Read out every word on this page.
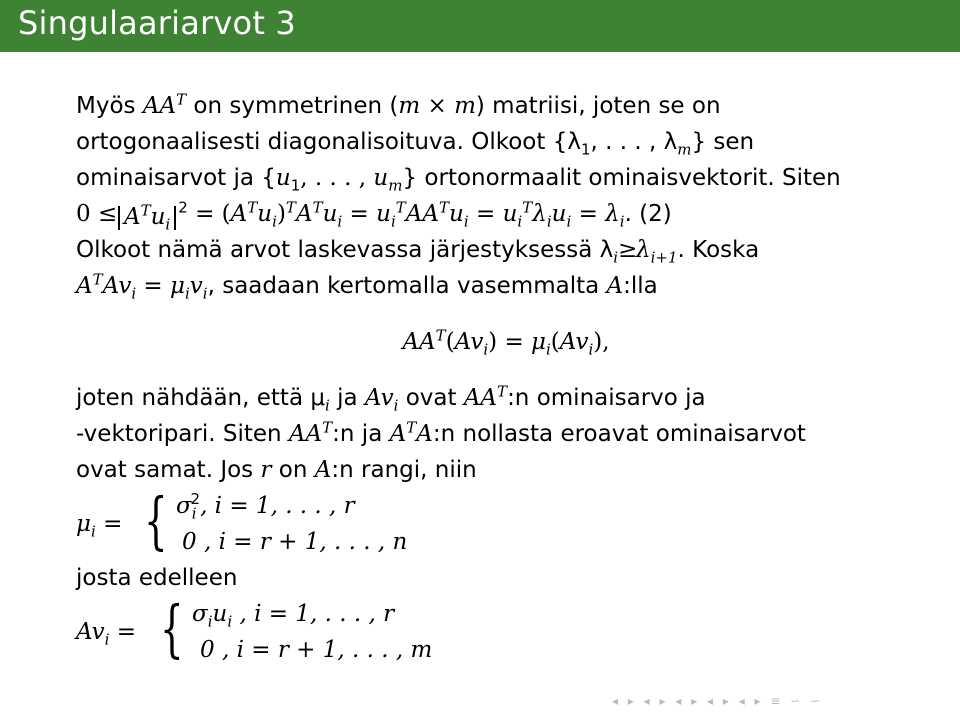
Singulaariarvot 3
Myös $AA^T$ on symmetrinen (m × m) matriisi, joten se on
ortogonaalisesti diagonalisoituva. Olkoot {$\lambda_1$, . . . , $\lambda_m$} sen
ominaisarvot ja {$u_1$, . . . , $u_m$} ortonormaalit ominaisvektorit. Siten
$0 \le A^Tu_i^2 = (A^Tu_i)^TA^Tu_i = u_i^TAA^Tu_i = u_i^T\lambda_iu_i = \lambda_i$. (2)
Olkoot nämä arvot laskevassa järjestyksessä $\lambda_i\ge\lambda_{i+1}$. Koska
$A^TAv_i = \mu_iv_i$, saadaan kertomalla vasemmalta A:lla
$AA^T(Av_i) = \mu_i(Av_i)$,
joten nähdään, että $\mu_i$ ja $Av_i$ ovat $AA^T:n$ ominaisarvo ja
-vektoripari. Siten $AA^T:n$ ja $A^TA:n$ nollasta eroavat ominaisarvot
ovat samat. Jos r on A:n rangi, niin
$\mu_i$ = { $\sigma_i^2$, i = 1, . . . , r
0 , i = r + 1, . . . , n
josta edelleen
$Av_i$ = { $\sigma_iu_i$ , i = 1, . . . , r
0 , i = r + 1, . . . , m
◂ ▸ ◂ ▸ ◂ ▸ ◂ ▸ ◂ ▸ ≡ ∽ ∽
